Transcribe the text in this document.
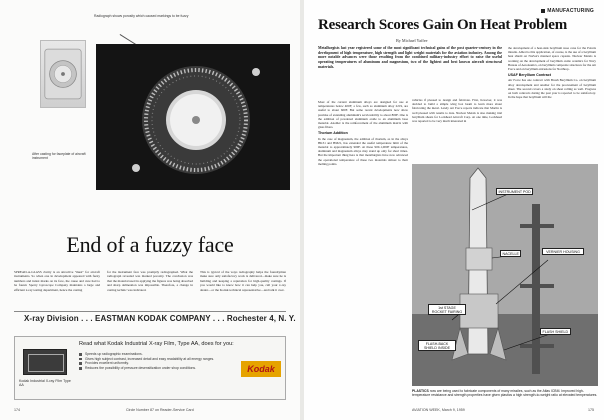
Radiograph shows porosity which caused markings to be fuzzy
After casting for faceplate of aircraft instrument
End of a fuzzy face
SPREAD-A-GLASS clarity is an attractive "must" for aircraft instruments. So when one in development appeared with fuzzy numbers and index marks on its face, the cause and cure had to be found. Sperry Gyroscope Company maintains a large and efficient x-ray testing department, hence the casting
for the instrument face was promptly radiographed. What the radiograph revealed was marked porosity. The conclusion was that the material used in applying the figures was being absorbed and sharp delineation was impossible. Therefore, a change in casting technic was indicated.
This is typical of the ways radiography helps the foundryman make sure only satisfactory work is delivered—make sure he is building and keeping a reputation for high-quality castings. If you would like to know how it can help you, call your x-ray dealer—or the Kodak technical representative—and talk it over.
X-ray Division . . . EASTMAN KODAK COMPANY . . . Rochester 4, N. Y.
Kodak Industrial X-ray Film Type AA
Read what Kodak Industrial X-ray Film, Type AA, does for you:
Speeds up radiographic examinations.
Gives high subject contrast, increased detail and easy readability at all energy ranges.
Provides excellent uniformity.
Reduces the possibility of pressure desensitization under shop conditions.	Kodak
174	Circle Number 87 on Reader-Service Card
MANUFACTURING
Research Scores Gain On Heat Problem
By Michael Yaffee

Metallurgists last year registered some of the most significant technical gains of the post quarter-century in the development of high temperature, high strength and light weight materials for the aviation industry. Among the more notable advances were those resulting from the combined military-industry effort to raise the useful operating temperatures of aluminum and magnesium, two of the lightest and best known aircraft structural materials.

Most of the current aluminum alloys are designed for use at temperatures below 400F; a few, such as aluminum alloy 2219, are useful to about 600F. But some recent developments now show promise of extending aluminum's serviceability to about 800F. One is the addition of powdered aluminum oxide to an aluminum base material. Another is the reinforcement of the aluminum matrix with glass fibers.
Thorium Addition
In the case of magnesium, the addition of thorium, as in the alloys HK31 and HM21, has extended the useful temperature limit of the material to approximately 900F. At these 900-1,000F temperatures, aluminum and magnesium alloys may stand up only for short times. But the important thing here is that metallurgists have now advanced the operational temperature of these two materials almost to their melting points.
vehicles if pleased to design and fabricate. First, however, it was decided to build a simple wing box beam to learn more about fabricating the metal. Lately Art Force reports indicate that Martin is well pleased with results to date. Nuclear Metals is also making trial beryllium sheets for Lockheed Aircraft Corp. At one time, Lockheed was reported to be very much interested in
the development of a heat-sink beryllium nose cone for the Polaris missile. Allied to this application, of course, is the use of a beryllium heat shield on NASA's manned space capsule. Nuclear Metals is working on the development of beryllium oxide ceramics for Navy Bureau of Aeronautics, on beryllium composite structures for the Air Force and on beryllium extrusions for Northrop.
USAF Beryllium Contract
Air Force has one contract with Brush Beryllium Co. on beryllium alloy development and another for the procurement of beryllium sheet. The second covers a study on sheet rolling as well. Progress on both contracts during the past year is reported to be satisfactory. In the hope that beryllium will the
INSTRUMENT POD
NACELLE	VERNIER HOUSING
1st STAGE ROCKET FAIRING
FLASH-BACK SHIELD INSIDE
FLASH SHIELD
PLASTICS now are being used to fabricate components of many missiles, such as the Atlas ICBM. Improved high-temperature resistance and strength properties have given plastics a high strength-to-weight ratio at elevated temperatures.
AVIATION WEEK, March 9, 1959	175
